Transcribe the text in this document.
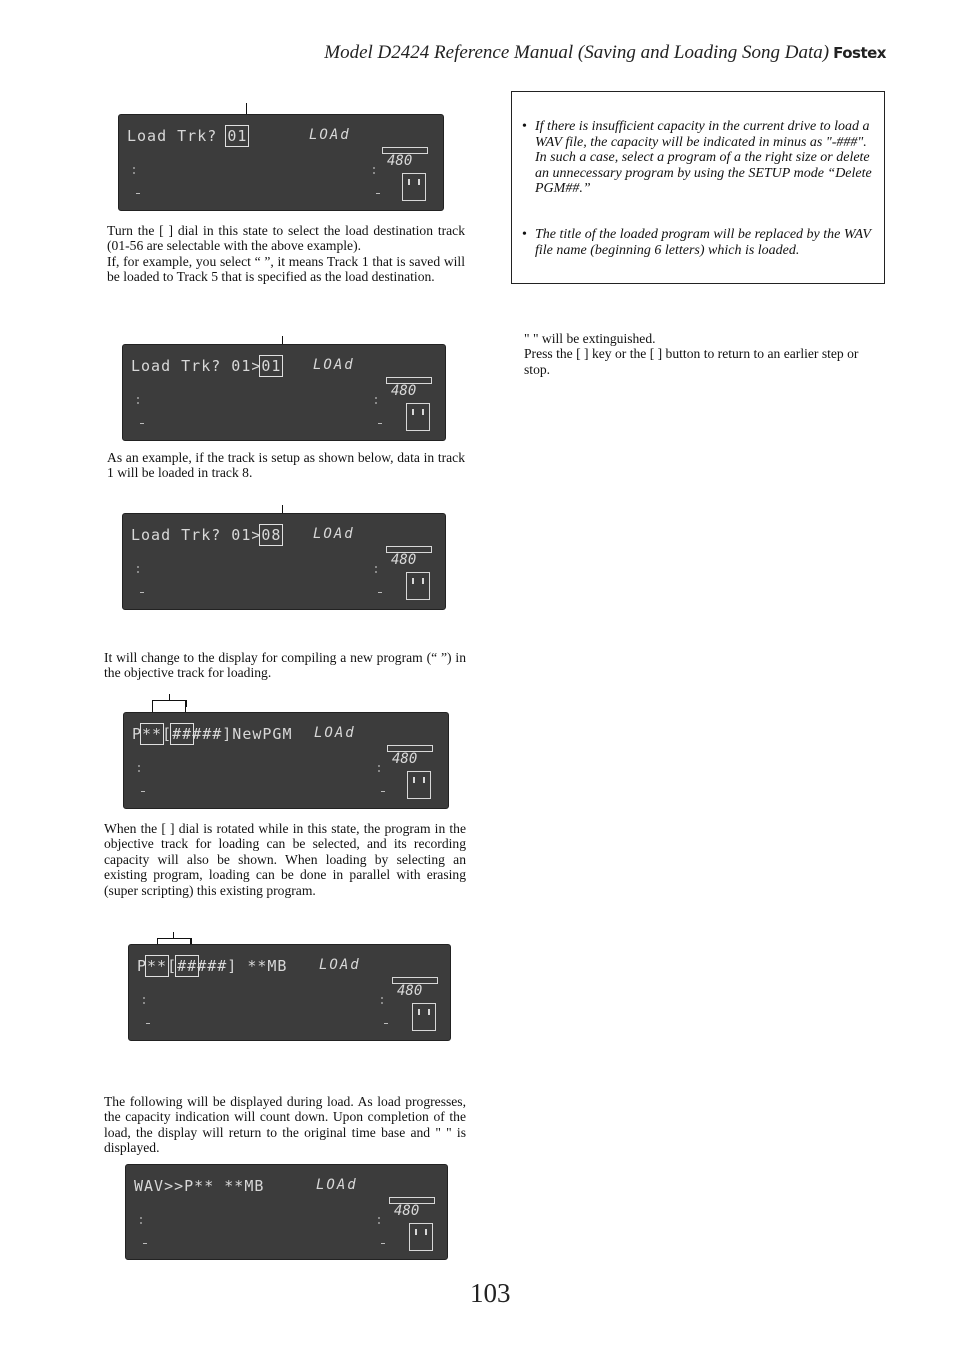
Model D2424 Reference Manual (Saving and Loading Song Data) Fostex
Load Trk? 01	LOAd
480

Turn the [ ] dial in this state to select the load destination track (01-56 are selectable with the above example).

If, for example, you select “ ”, it means Track 1 that is saved will be loaded to Track 5 that is specified as the load destination.

Load Trk? 01>01 LOAd
480

As an example, if the track is setup as shown below, data in track 1 will be loaded in track 8.

Load Trk? 01>08 LOAd
480

It will change to the display for compiling a new program (“ ”) in the objective track for loading.

P**[#####]NewPGM LOAd
480

When the [ ] dial is rotated while in this state, the program in the objective track for loading can be selected, and its recording capacity will also be shown. When loading by selecting an existing program, loading can be done in parallel with erasing (super scripting) this existing program.

P**[#####] **MB LOAd
480

The following will be displayed during load. As load progresses, the capacity indication will count down. Upon completion of the load, the display will return to the original time base and " " is displayed.

WAV>>P** **MB	LOAd
480
• If there is insufficient capacity in the current drive to load a WAV file, the capacity will be indicated in minus as "-###".
In such a case, select a program of a the right size or delete an unnecessary program by using the SETUP mode “Delete PGM##.”
• The title of the loaded program will be replaced by the WAV file name (beginning 6 letters) which is loaded.

" " will be extinguished.

Press the [ ] key or the [ ] button to return to an earlier step or stop.

103
